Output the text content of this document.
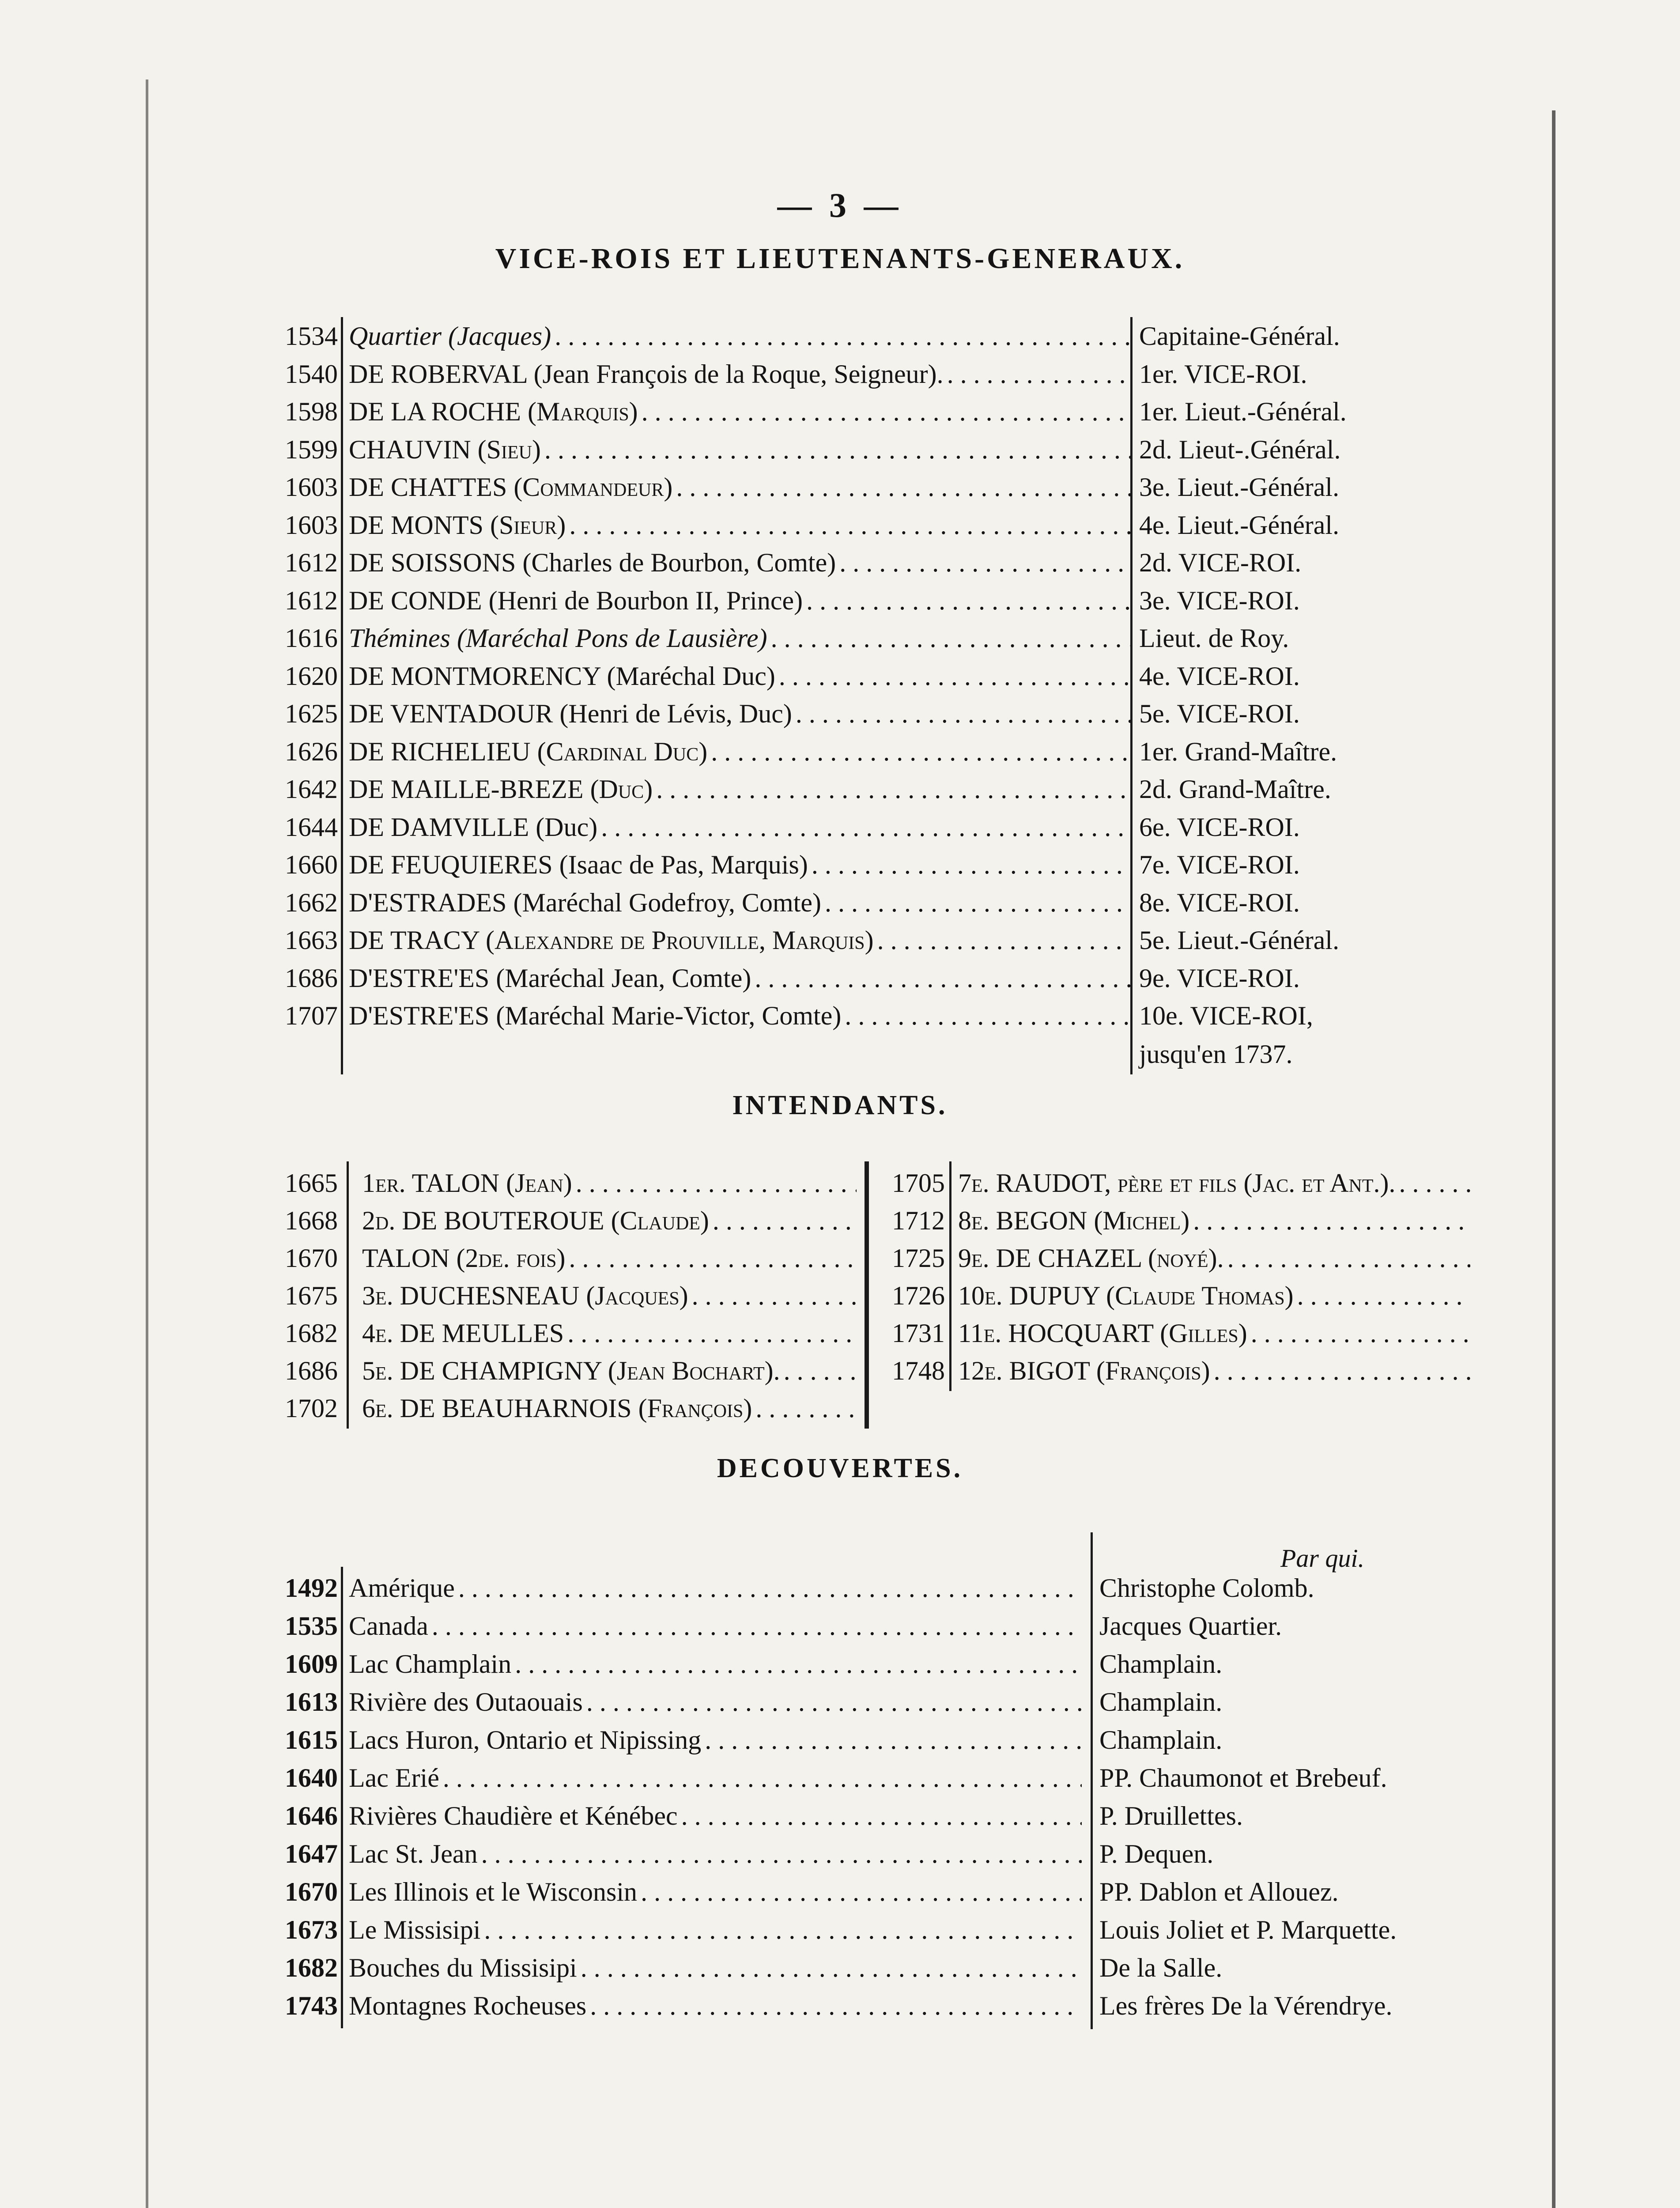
— 3 —
VICE-ROIS ET LIEUTENANTS-GENERAUX.
1534 Quartier (Jacques) . . .	Capitaine-Général.
1540 DE ROBERVAL (Jean François de la Roque, Seigneur). . . .	1er. VICE-ROI.
1598 DE LA ROCHE (Marquis) . . .	1er. Lieut.-Général.
1599 CHAUVIN (Sieu) . . .	2d. Lieut-.Général.
1603 DE CHATTES (Commandeur) . . .	3e. Lieut.-Général.
1603 DE MONTS (Sieur) . . .	4e. Lieut.-Général.
1612 DE SOISSONS (Charles de Bourbon, Comte) . . .	2d. VICE-ROI.
1612 DE CONDE (Henri de Bourbon II, Prince) . . .	3e. VICE-ROI.
1616 Thémines (Maréchal Pons de Lausière) . . .	Lieut. de Roy.
1620 DE MONTMORENCY (Maréchal Duc) . . .	4e. VICE-ROI.
1625 DE VENTADOUR (Henri de Lévis, Duc) . . .	5e. VICE-ROI.
1626 DE RICHELIEU (Cardinal Duc) . . .	1er. Grand-Maître.
1642 DE MAILLE-BREZE (Duc) . . .	2d. Grand-Maître.
1644 DE DAMVILLE (Duc) . . .	6e. VICE-ROI.
1660 DE FEUQUIERES (Isaac de Pas, Marquis) . . .	7e. VICE-ROI.
1662 D'ESTRADES (Maréchal Godefroy, Comte) . . .	8e. VICE-ROI.
1663 DE TRACY (Alexandre de Prouville, Marquis) . . .	5e. Lieut.-Général.
1686 D'ESTRE'ES (Maréchal Jean, Comte) . . .	9e. VICE-ROI.
1707 D'ESTRE'ES (Maréchal Marie-Victor, Comte) . . .	10e. VICE-ROI,
jusqu'en 1737.
INTENDANTS.
1665 1er. TALON (Jean)
. . .
1668 2d. DE BOUTEROUE (Claude)
. . .
1670 TALON (2de. fois)
. . .
1675 3e. DUCHESNEAU (Jacques)
. . .
1682 4e. DE MEULLES
. . .
1686 5e. DE CHAMPIGNY (Jean Bochart).
. . .
1702 6e. DE BEAUHARNOIS (François)
. . .
1705 7e. RAUDOT, père et fils (Jac. et Ant.).
. . .
1712 8e. BEGON (Michel)
. . .
1725 9e. DE CHAZEL (noyé).
. . .
1726 10e. DUPUY (Claude Thomas)
. . .
1731 11e. HOCQUART (Gilles)
. . .
1748 12e. BIGOT (François)
. . .
DECOUVERTES.
Par qui.
1492 Amérique . . .	Christophe Colomb.
1535 Canada . . .	Jacques Quartier.
1609 Lac Champlain . . .	Champlain.
1613 Rivière des Outaouais . . .	Champlain.
1615 Lacs Huron, Ontario et Nipissing . . .	Champlain.
1640 Lac Erié . . .	PP. Chaumonot et Brebeuf.
1646 Rivières Chaudière et Kénébec . . .	P. Druillettes.
1647 Lac St. Jean . . .	P. Dequen.
1670 Les Illinois et le Wisconsin . . .	PP. Dablon et Allouez.
1673 Le Missisipi . . .	Louis Joliet et P. Marquette.
1682 Bouches du Missisipi . . .	De la Salle.
1743 Montagnes Rocheuses . . .	Les frères De la Vérendrye.
